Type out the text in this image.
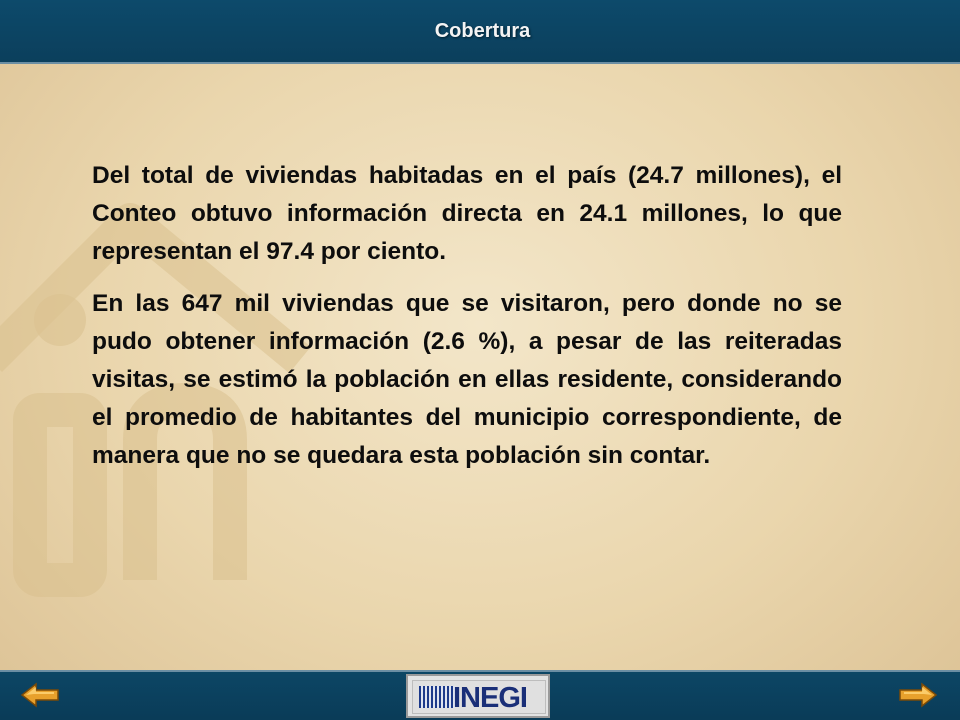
Cobertura

Del total de viviendas habitadas en el país (24.7 millones), el Conteo obtuvo información directa en 24.1 millones, lo que representan el 97.4 por ciento.

En las 647 mil viviendas que se visitaron, pero donde no se pudo obtener información (2.6 %), a pesar de las reiteradas visitas, se estimó la población en ellas residente, considerando el promedio de habitantes del municipio correspondiente, de manera que no se quedara esta población sin contar.

INEGI
